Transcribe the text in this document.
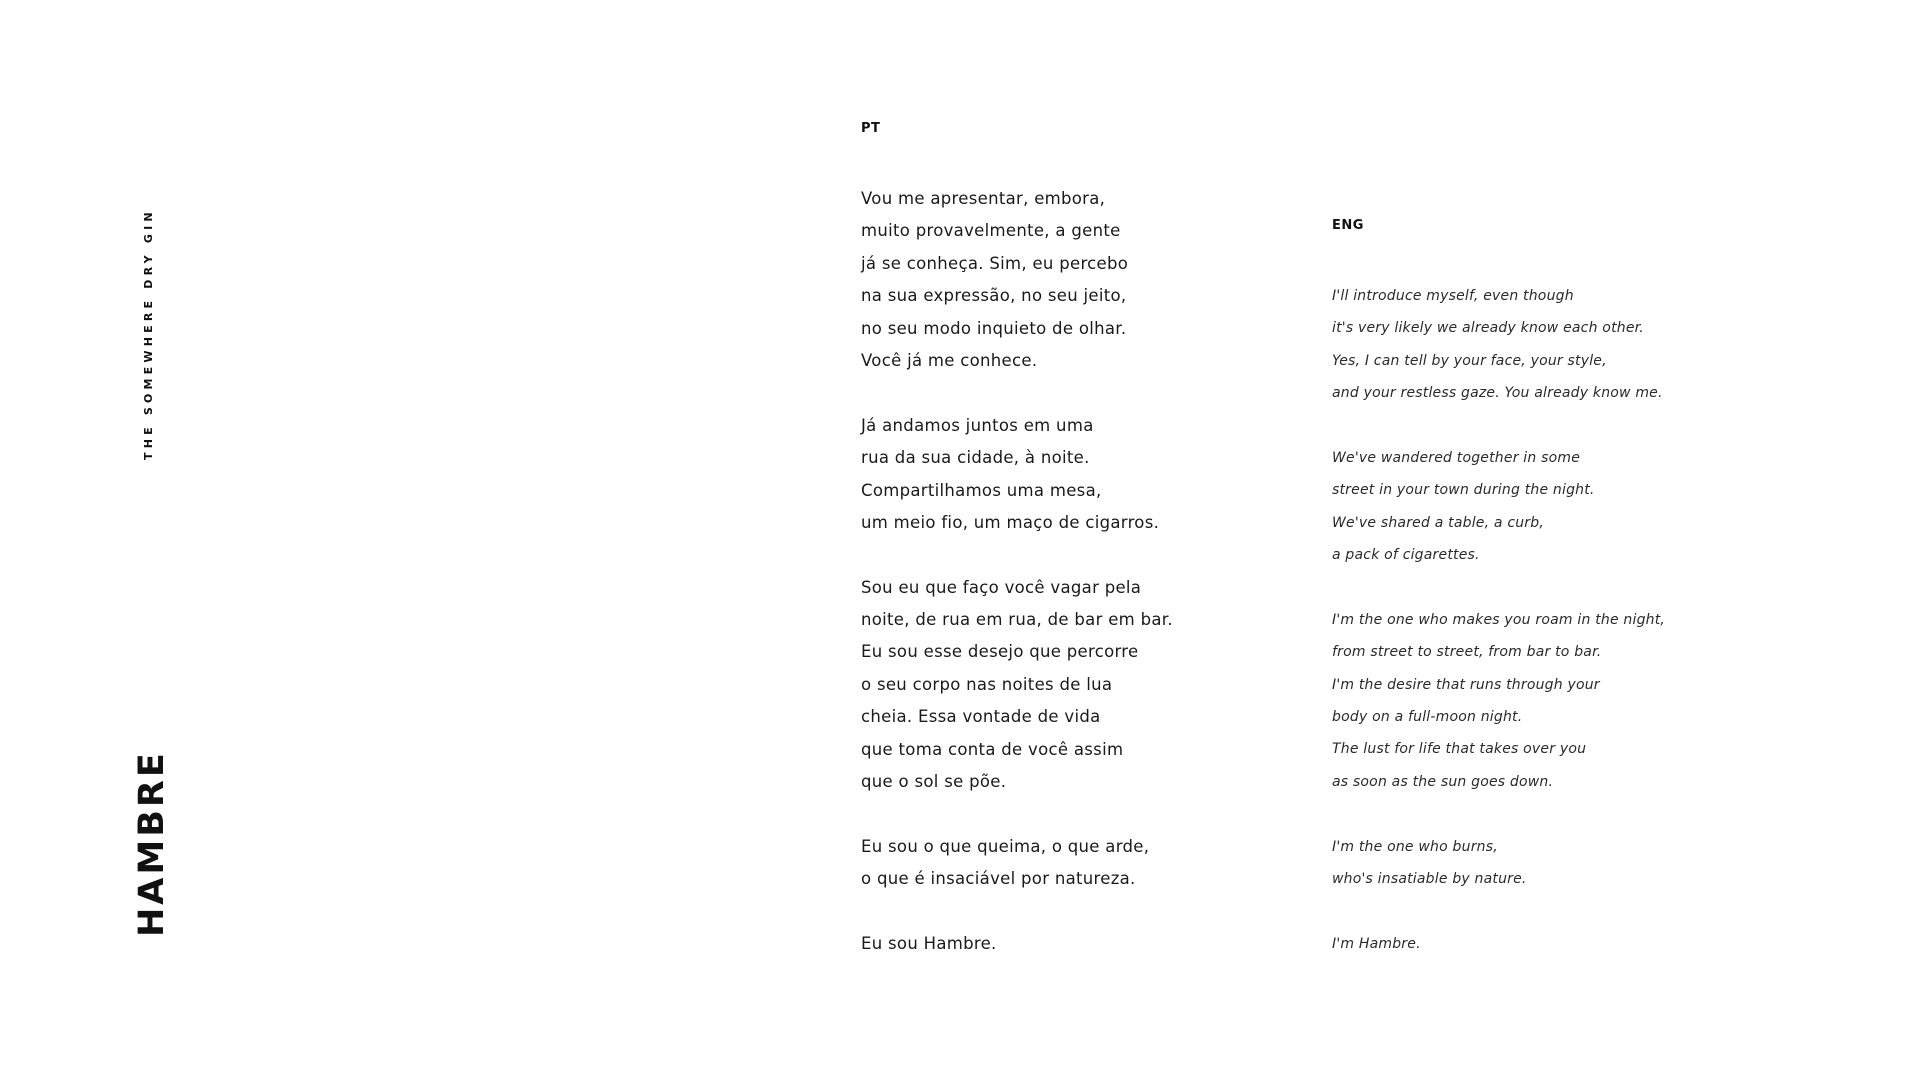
THE SOMEWHERE DRY GIN
HAMBRE
PT
Vou me apresentar, embora,
muito provavelmente, a gente
já se conheça. Sim, eu percebo
na sua expressão, no seu jeito,
no seu modo inquieto de olhar.
Você já me conhece.
Já andamos juntos em uma
rua da sua cidade, à noite.
Compartilhamos uma mesa,
um meio fio, um maço de cigarros.
Sou eu que faço você vagar pela
noite, de rua em rua, de bar em bar.
Eu sou esse desejo que percorre
o seu corpo nas noites de lua
cheia. Essa vontade de vida
que toma conta de você assim
que o sol se põe.
Eu sou o que queima, o que arde,
o que é insaciável por natureza.
Eu sou Hambre.
ENG
I'll introduce myself, even though
it's very likely we already know each other.
Yes, I can tell by your face, your style,
and your restless gaze. You already know me.
We've wandered together in some
street in your town during the night.
We've shared a table, a curb,
a pack of cigarettes.
I'm the one who makes you roam in the night,
from street to street, from bar to bar.
I'm the desire that runs through your
body on a full-moon night.
The lust for life that takes over you
as soon as the sun goes down.
I'm the one who burns,
who's insatiable by nature.
I'm Hambre.
